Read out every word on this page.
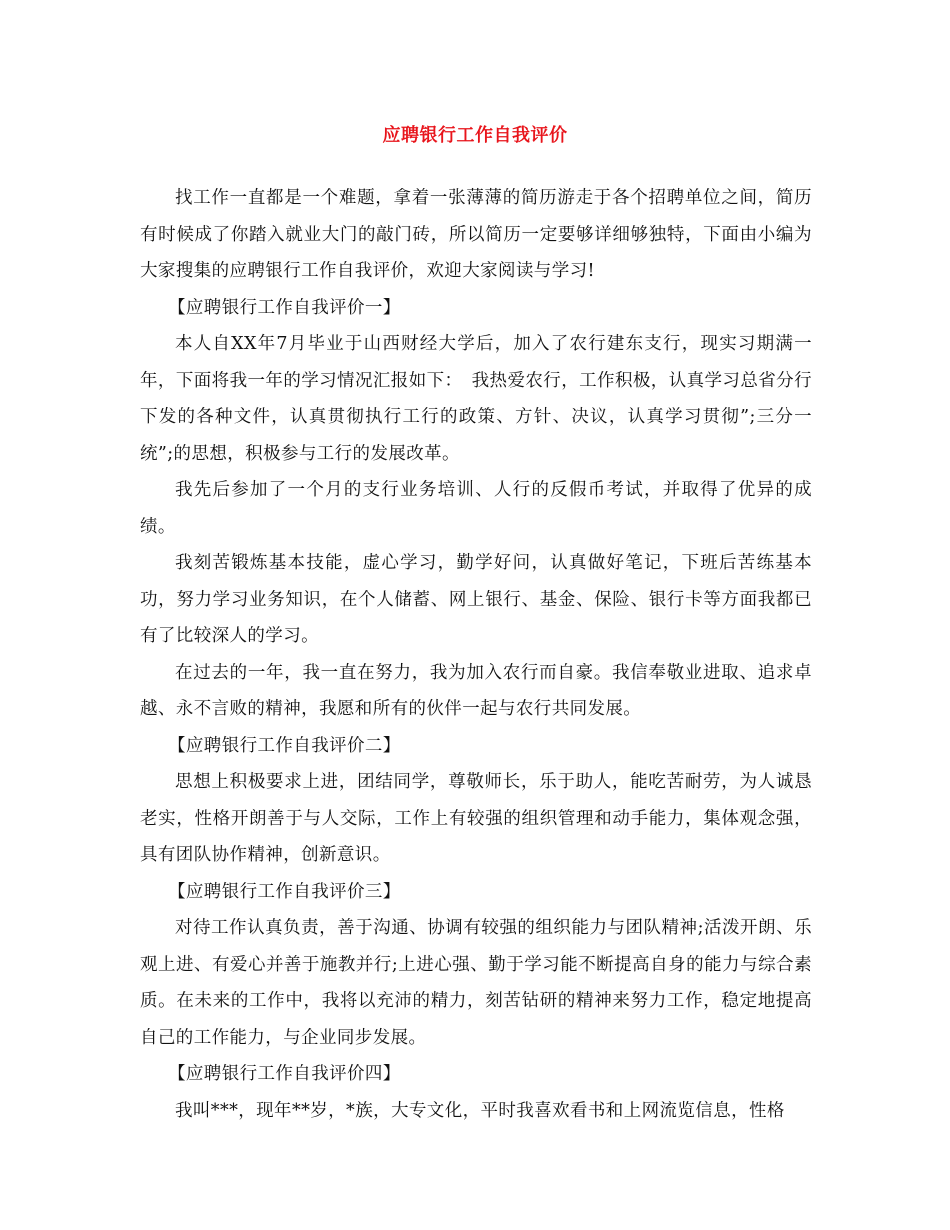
应聘银行工作自我评价

找工作一直都是一个难题，拿着一张薄薄的简历游走于各个招聘单位之间，简历有时候成了你踏入就业大门的敲门砖，所以简历一定要够详细够独特，下面由小编为大家搜集的应聘银行工作自我评价，欢迎大家阅读与学习!

【应聘银行工作自我评价一】

本人自XX年7月毕业于山西财经大学后，加入了农行建东支行，现实习期满一年，下面将我一年的学习情况汇报如下：　我热爱农行，工作积极，认真学习总省分行下发的各种文件，认真贯彻执行工行的政策、方针、决议，认真学习贯彻”;三分一统”;的思想，积极参与工行的发展改革。

我先后参加了一个月的支行业务培训、人行的反假币考试，并取得了优异的成绩。

我刻苦锻炼基本技能，虚心学习，勤学好问，认真做好笔记，下班后苦练基本功，努力学习业务知识，在个人储蓄、网上银行、基金、保险、银行卡等方面我都已有了比较深人的学习。

在过去的一年，我一直在努力，我为加入农行而自豪。我信奉敬业进取、追求卓越、永不言败的精神，我愿和所有的伙伴一起与农行共同发展。

【应聘银行工作自我评价二】

思想上积极要求上进，团结同学，尊敬师长，乐于助人，能吃苦耐劳，为人诚恳老实，性格开朗善于与人交际，工作上有较强的组织管理和动手能力，集体观念强，具有团队协作精神，创新意识。

【应聘银行工作自我评价三】

对待工作认真负责，善于沟通、协调有较强的组织能力与团队精神;活泼开朗、乐观上进、有爱心并善于施教并行;上进心强、勤于学习能不断提高自身的能力与综合素质。在未来的工作中，我将以充沛的精力，刻苦钻研的精神来努力工作，稳定地提高自己的工作能力，与企业同步发展。

【应聘银行工作自我评价四】

我叫***，现年**岁，*族，大专文化，平时我喜欢看书和上网流览信息，性格
